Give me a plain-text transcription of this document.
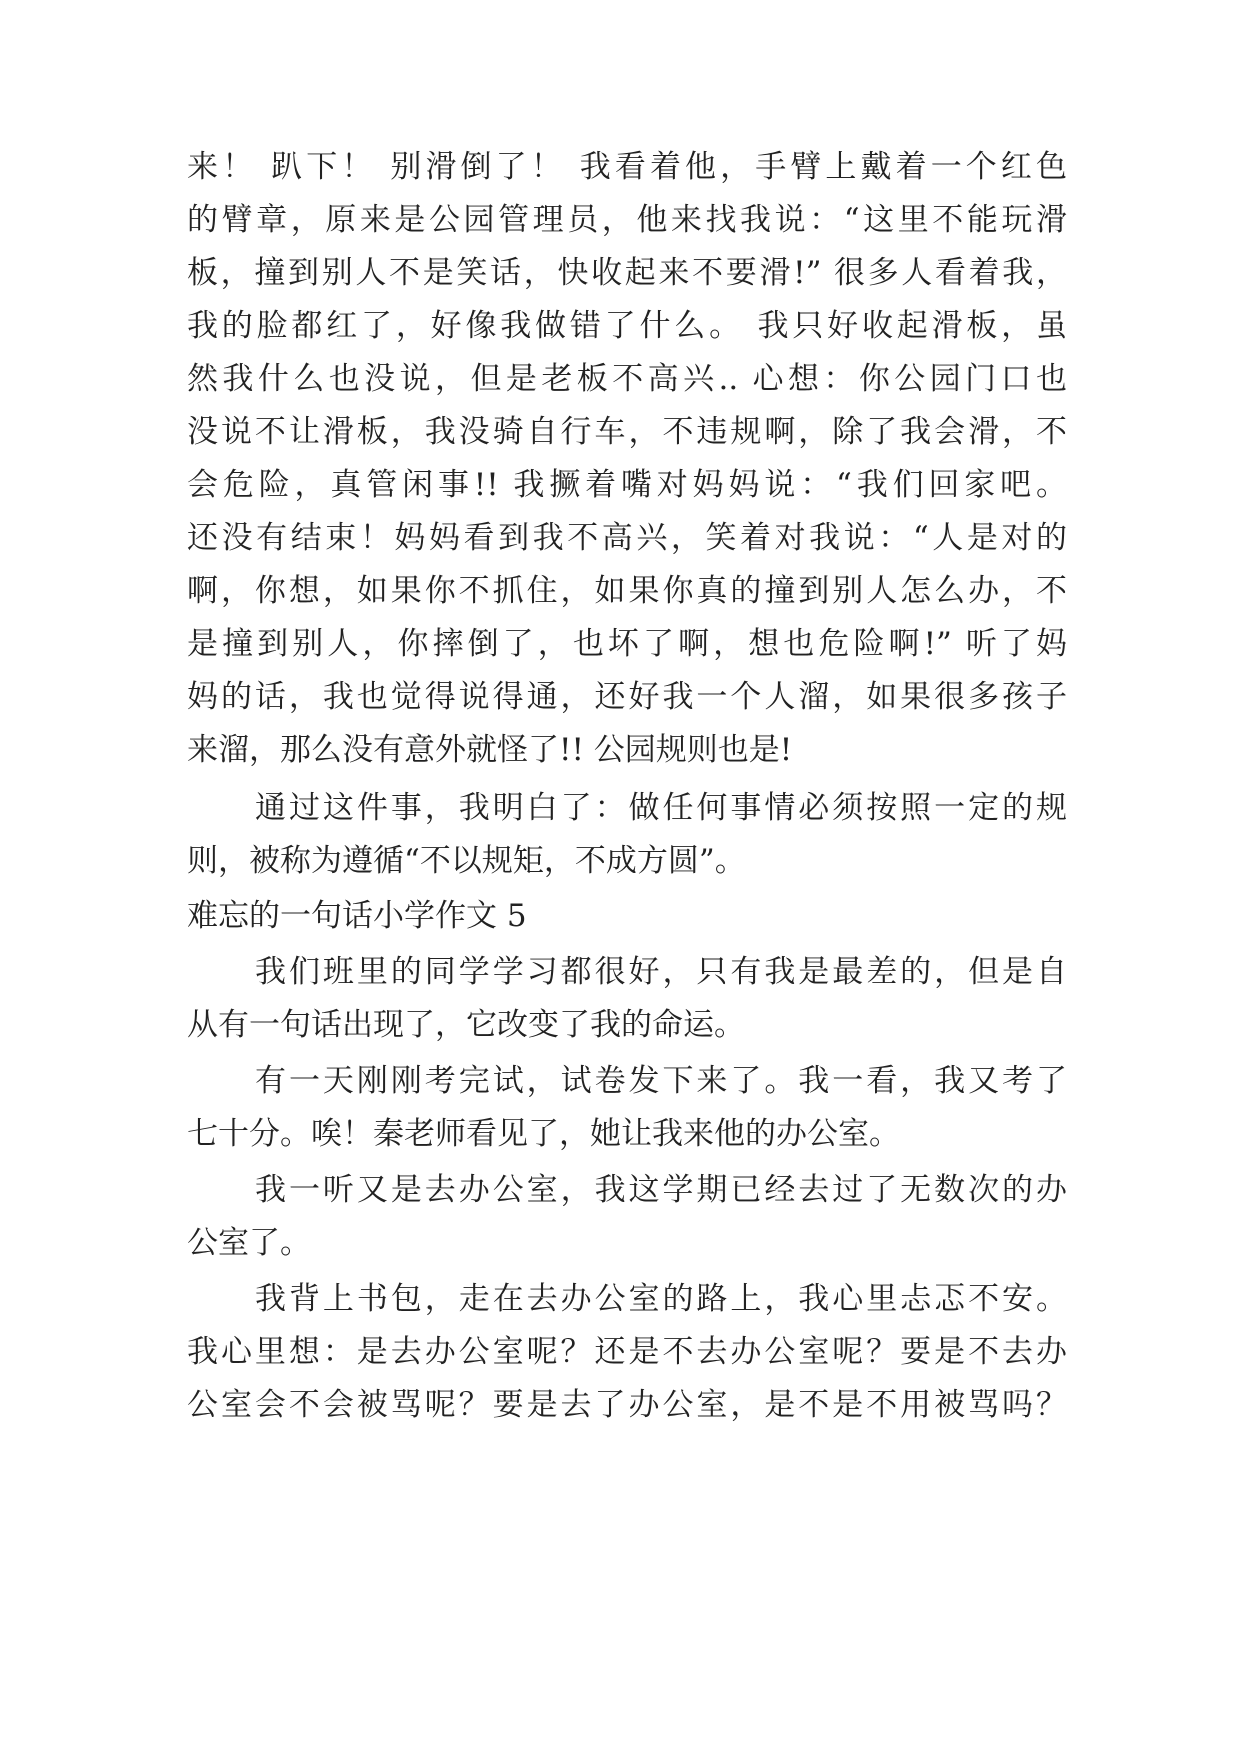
来！ 趴下！ 别滑倒了！ 我看着他，手臂上戴着一个红色

的臂章，原来是公园管理员，他来找我说：“这里不能玩滑

板，撞到别人不是笑话，快收起来不要滑!” 很多人看着我，

我的脸都红了，好像我做错了什么。 我只好收起滑板，虽

然我什么也没说，但是老板不高兴.. 心想：你公园门口也

没说不让滑板，我没骑自行车，不违规啊，除了我会滑，不

会危险，真管闲事!! 我撅着嘴对妈妈说：“我们回家吧。

还没有结束！妈妈看到我不高兴，笑着对我说：“人是对的

啊，你想，如果你不抓住，如果你真的撞到别人怎么办，不

是撞到别人，你摔倒了，也坏了啊，想也危险啊!” 听了妈

妈的话，我也觉得说得通，还好我一个人溜，如果很多孩子

来溜，那么没有意外就怪了!! 公园规则也是!

通过这件事，我明白了：做任何事情必须按照一定的规

则，被称为遵循“不以规矩，不成方圆”。

难忘的一句话小学作文 5

我们班里的同学学习都很好，只有我是最差的，但是自

从有一句话出现了，它改变了我的命运。

有一天刚刚考完试，试卷发下来了。我一看，我又考了

七十分。唉！秦老师看见了，她让我来他的办公室。

我一听又是去办公室，我这学期已经去过了无数次的办

公室了。

我背上书包，走在去办公室的路上，我心里忐忑不安。

我心里想：是去办公室呢？还是不去办公室呢？要是不去办

公室会不会被骂呢？要是去了办公室，是不是不用被骂吗？
